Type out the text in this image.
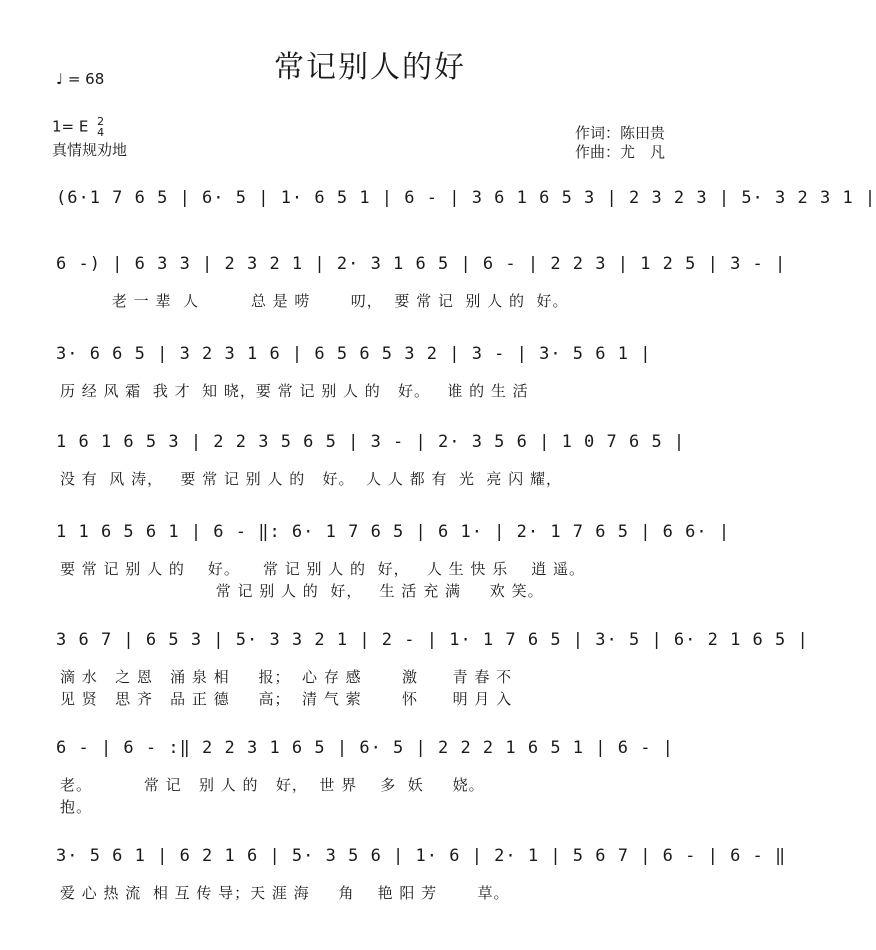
常记别人的好
♩ = 68
1= E 2
4
真情规劝地
作词：陈田贵
作曲：尤　凡
(6·1 7 6 5 | 6· 5 | 1· 6 5 1 | 6 - | 3 6 1 6 5 3 | 2 3 2 3 | 5· 3 2 3 1 |
6 -) | 6 3 3 | 2 3 2 1 | 2· 3 1 6 5 | 6 - | 2 2 3 | 1 2 5 | 3 - |
老 一 辈  人         总 是 唠       叨，  要 常 记  别 人 的  好。
3· 6 6 5 | 3 2 3 1 6 | 6 5 6 5 3 2 | 3 - | 3· 5 6 1 |
历 经 风 霜  我 才  知 晓，要 常 记 别 人 的   好。   谁 的 生 活
1 6 1 6 5 3 | 2 2 3 5 6 5 | 3 - | 2· 3 5 6 | 1 0 7 6 5 |
没 有  风 涛，   要 常 记 别 人 的   好。  人 人 都 有  光  亮 闪 耀，
1 1 6 5 6 1 | 6 - ‖: 6· 1 7 6 5 | 6 1· | 2· 1 7 6 5 | 6 6· |
要 常 记 别 人 的    好。    常 记 别 人 的  好，   人 生 快 乐    逍 遥。
常 记 别 人 的  好，   生 活 充 满     欢 笑。
3 6 7 | 6 5 3 | 5· 3 3 2 1 | 2 - | 1· 1 7 6 5 | 3· 5 | 6· 2 1 6 5 |
滴 水   之 恩   涌 泉 相     报；  心 存 感       激      青 春 不
见 贤   思 齐   品 正 德     高；  清 气 萦       怀      明 月 入
6 - | 6 - :‖ 2 2 3 1 6 5 | 6· 5 | 2 2 2 1 6 5 1 | 6 - |
老。         常 记   别 人 的   好，  世 界    多  妖     娆。
抱。
3· 5 6 1 | 6 2 1 6 | 5· 3 5 6 | 1· 6 | 2· 1 | 5 6 7 | 6 - | 6 - ‖
爱 心 热 流  相 互 传 导；天 涯 海     角    艳 阳 芳       草。
